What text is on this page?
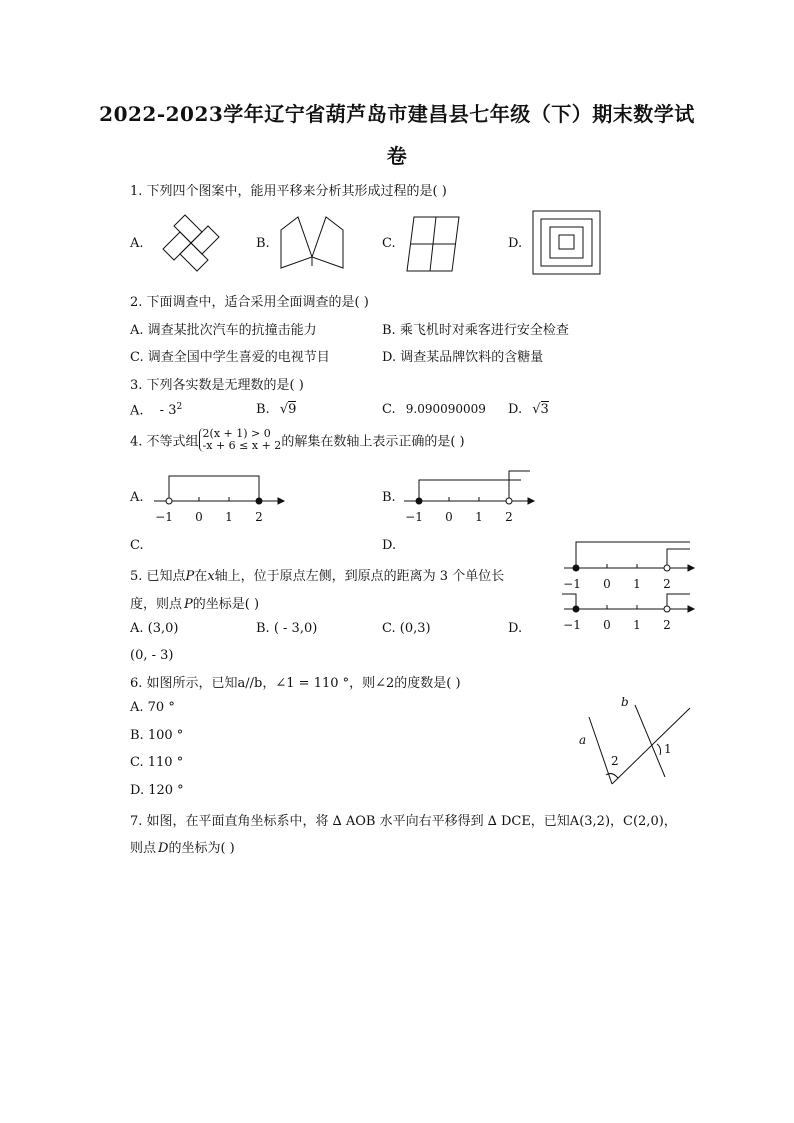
2022-2023学年辽宁省葫芦岛市建昌县七年级（下）期末数学试
卷
1. 下列四个图案中，能用平移来分析其形成过程的是( )
A.	B.	C.	D.
2. 下面调查中，适合采用全面调查的是( )
A. 调查某批次汽车的抗撞击能力	B. 乘飞机时对乘客进行安全检查
C. 调查全国中学生喜爱的电视节目	D. 调查某品牌饮料的含糖量
3. 下列各实数是无理数的是( )
A. - $3^2$	B. √9	C. 9.090090009 D. √3
4. 不等式组
2(x + 1) > 0
-x + 6 ≤ x + 2 的解集在数轴上表示正确的是( )
A.	B.
C.	D.
−1 0 1 2	−1 0 1 2
−1 0 1 2
−1 0 1 2
5. 已知点P在x轴上，位于原点左侧，到原点的距离为 3 个单位长
度，则点 P的坐标是( )
A. (3,0)	B. ( - 3,0)	C. (0,3)	D.
(0, - 3)
6. 如图所示，已知a//b，∠1 = 110 °，则∠2的度数是( )
A. 70 °
B. 100 °
C. 110 °
D. 120 °
a
b
1
2
7. 如图，在平面直角坐标系中，将 ∆ AOB 水平向右平移得到 ∆ DCE，已知A(3,2)，C(2,0)，
则点 D的坐标为( )
